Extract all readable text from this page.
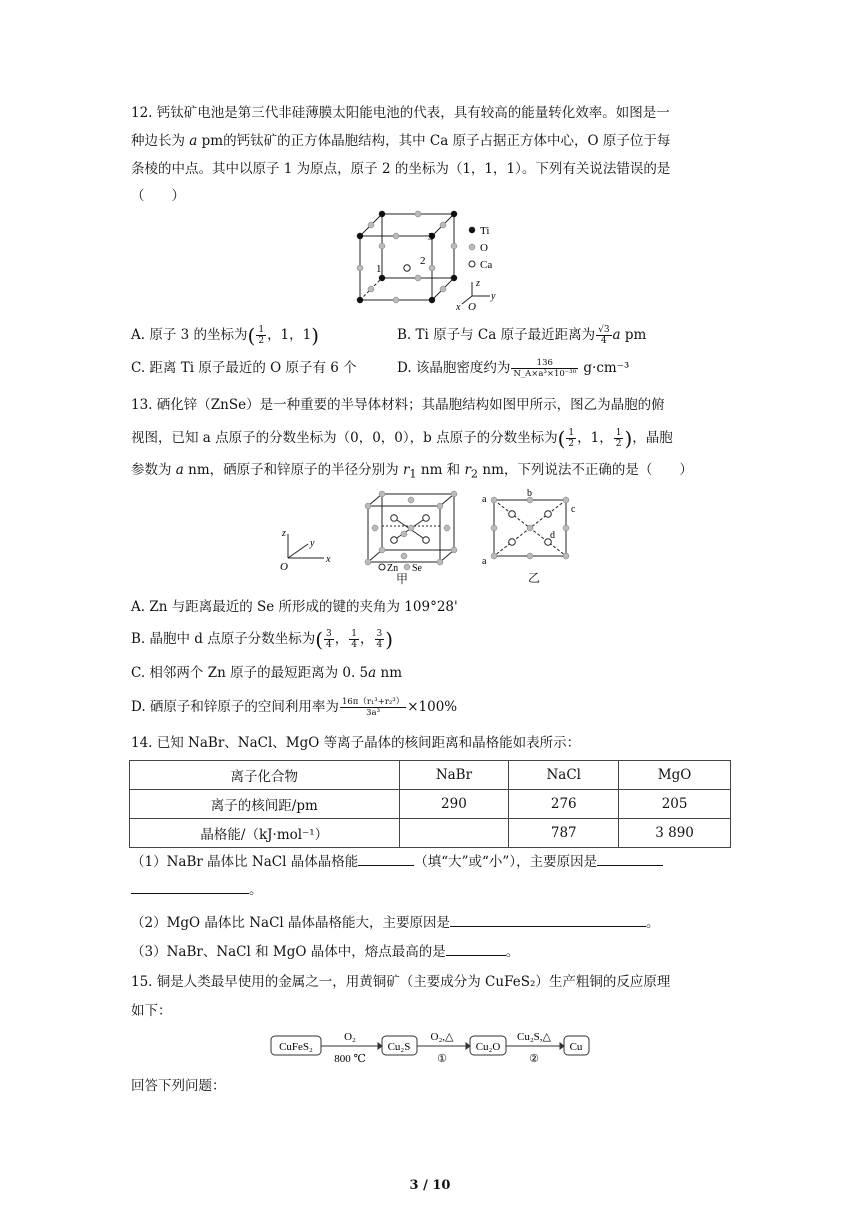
12. 钙钛矿电池是第三代非硅薄膜太阳能电池的代表，具有较高的能量转化效率。如图是一
种边长为 a pm的钙钛矿的正方体晶胞结构，其中 Ca 原子占据正方体中心，O 原子位于每
条棱的中点。其中以原子 1 为原点，原子 2 的坐标为（1，1，1）。下列有关说法错误的是
（　　）
1
2
3	Ti
O
Ca
z
y
x O
A. 原子 3 的坐标为( $\frac{1}{2}$ ，1，1)	B. Ti 原子与 Ca 原子最近距离为 $\frac{√3}{4}$ a pm
C. 距离 Ti 原子最近的 O 原子有 6 个	D. 该晶胞密度约为 $\frac{136}{\text{N\_A×a³×10⁻³⁰}} g\cdot cm^{-3}$
13. 硒化锌（ZnSe）是一种重要的半导体材料；其晶胞结构如图甲所示，图乙为晶胞的俯
视图，已知 a 点原子的分数坐标为（0，0，0），b 点原子的分数坐标为( $\frac{1}{2}$ ，1， $\frac{1}{2}$ )，晶胞
参数为 a nm，硒原子和锌原子的半径分别为 $r_1$ nm 和 $r_2$ nm，下列说法不正确的是（　　）
z
y
x
O	Zn Se
甲
a
b
c
d
a
乙
A. Zn 与距离最近的 Se 所形成的键的夹角为 109°28'
B. 晶胞中 d 点原子分数坐标为( $\frac{3}{4}$ ， $\frac{1}{4}$ ， $\frac{3}{4}$ )
C. 相邻两个 Zn 原子的最短距离为 0. 5a nm
D. 硒原子和锌原子的空间利用率为 $\frac{\text{16π（r₁³+r₂³）}}{\text{3a³}} \times 100\%$
14. 已知 NaBr、NaCl、MgO 等离子晶体的核间距离和晶格能如表所示：
离子化合物	NaBr	NaCl	MgO
离子的核间距/pm	290	276	205
晶格能/（kJ·mol⁻¹）		787	3 890
（1）NaBr 晶体比 NaCl 晶体晶格能	（填“大”或“小”），主要原因是
。
（2）MgO 晶体比 NaCl 晶体晶格能大，主要原因是	。
（3）NaBr、NaCl 和 MgO 晶体中，熔点最高的是	。
15. 铜是人类最早使用的金属之一，用黄铜矿（主要成分为 CuFeS₂）生产粗铜的反应原理
如下：
CuFeS₂	Cu₂S	Cu₂O	Cu
O₂
800 ℃
O₂,△
①
Cu₂S,△
②
回答下列问题：
3 / 10
